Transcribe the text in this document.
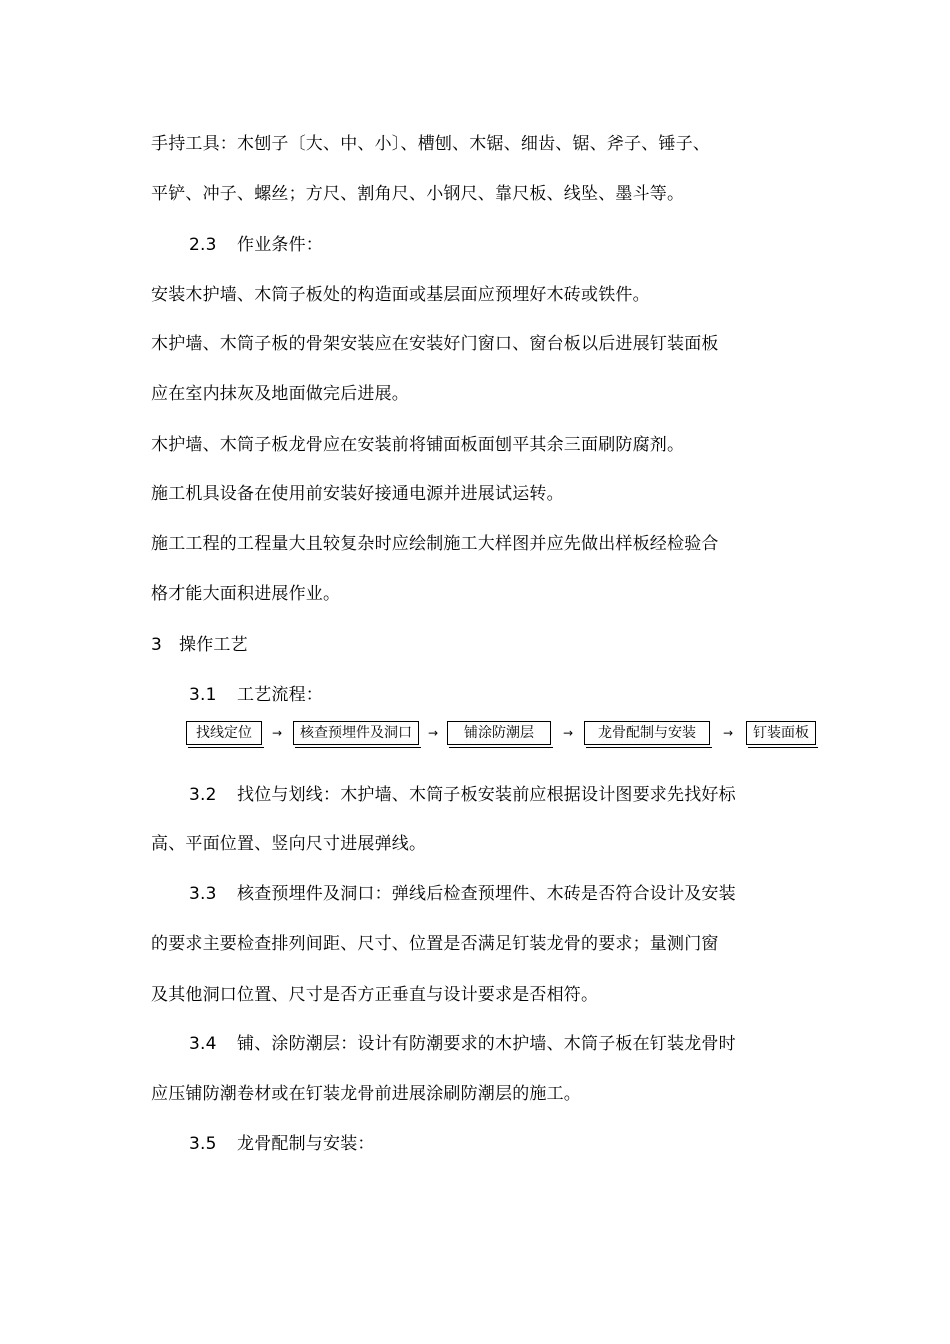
手持工具：木刨子〔大、中、小〕、槽刨、木锯、细齿、锯、斧子、锤子、
平铲、冲子、螺丝；方尺、割角尺、小钢尺、靠尺板、线坠、墨斗等。
2.3 作业条件：
安装木护墙、木筒子板处的构造面或基层面应预埋好木砖或铁件。
木护墙、木筒子板的骨架安装应在安装好门窗口、窗台板以后进展钉装面板
应在室内抹灰及地面做完后进展。
木护墙、木筒子板龙骨应在安装前将铺面板面刨平其余三面刷防腐剂。
施工机具设备在使用前安装好接通电源并进展试运转。
施工工程的工程量大且较复杂时应绘制施工大样图并应先做出样板经检验合
格才能大面积进展作业。
3 操作工艺
3.1 工艺流程：
找线定位	→	核查预埋件及洞口	→	铺涂防潮层	→	龙骨配制与安装	→	钉装面板
3.2 找位与划线：木护墙、木筒子板安装前应根据设计图要求先找好标
高、平面位置、竖向尺寸进展弹线。
3.3 核查预埋件及洞口：弹线后检查预埋件、木砖是否符合设计及安装
的要求主要检查排列间距、尺寸、位置是否满足钉装龙骨的要求；量测门窗
及其他洞口位置、尺寸是否方正垂直与设计要求是否相符。
3.4 铺、涂防潮层：设计有防潮要求的木护墙、木筒子板在钉装龙骨时
应压铺防潮卷材或在钉装龙骨前进展涂刷防潮层的施工。
3.5 龙骨配制与安装：
